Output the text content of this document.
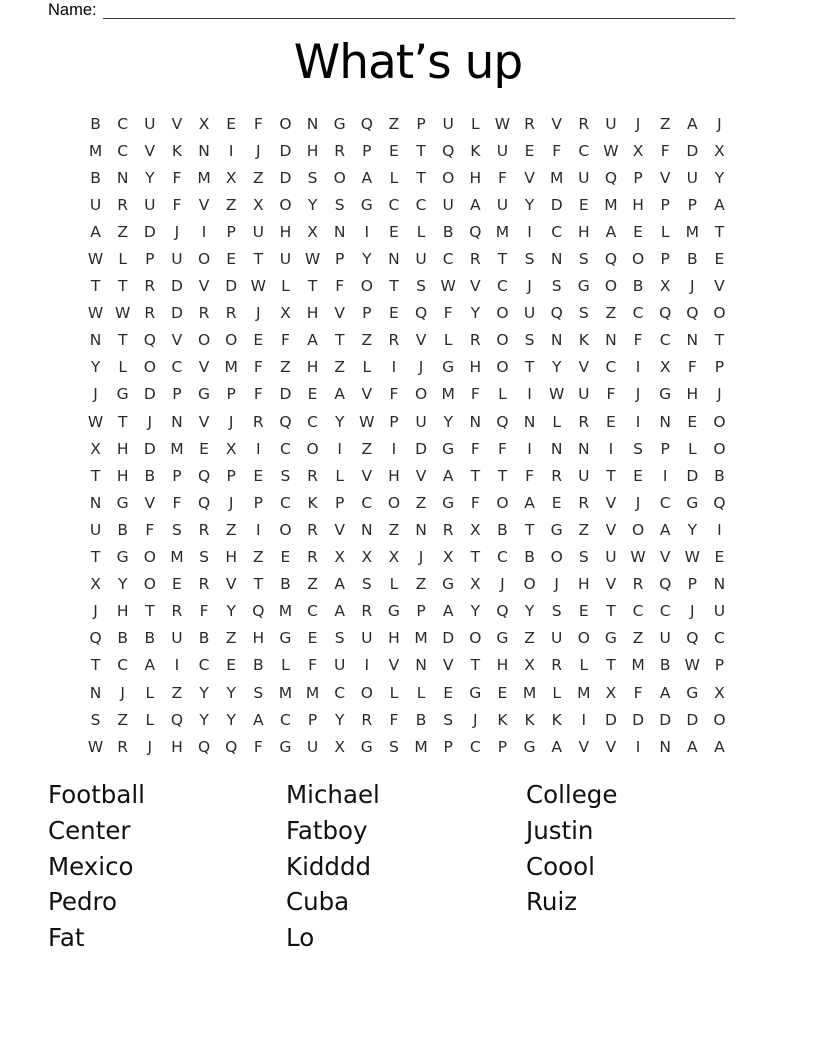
Name:
What’s up
B	C	U	V	X	E	F	O N G Q	Z	P	U	L W R	V	R	U	J	Z	A	J
M C	V	K	N	I	J	D H	R	P	E	T	Q	K	U	E	F	C W X	F	D	X
B	N	Y	F	M X	Z	D	S	O	A	L	T	O H	F	V M U Q	P	V	U	Y
U	R	U	F	V	Z	X	O	Y	S	G	C	C	U	A	U	Y	D	E	M H	P	P	A
A	Z	D	J	I	P	U	H	X	N	I	E	L	B	Q M	I	C	H	A	E	L	M	T
W L	P	U O	E	T	U W P	Y	N	U	C	R	T	S	N	S	Q O	P	B	E
T	T	R	D	V	D W L	T	F	O	T	S W V	C	J	S	G O	B	X	J	V
W W R	D	R	R	J	X	H	V	P	E	Q	F	Y	O U Q	S	Z	C	Q Q O
N	T	Q	V	O O	E	F	A	T	Z	R	V	L	R	O	S	N	K	N	F	C	N	T
Y	L	O	C	V M	F	Z	H	Z	L	I	J	G H O	T	Y	V	C	I	X	F	P
J	G D	P	G	P	F	D	E	A	V	F	O M	F	L	I	W U	F	J	G H	J
W T	J	N	V	J	R	Q	C	Y W P	U	Y	N Q N	L	R	E	I	N	E	O
X	H D M	E	X	I	C	O	I	Z	I	D G	F	F	I	N	N	I	S	P	L	O
T	H	B	P	Q	P	E	S	R	L	V	H	V	A	T	T	F	R	U	T	E	I	D	B
N G	V	F	Q	J	P	C	K	P	C	O	Z	G	F	O	A	E	R	V	J	C	G Q
U	B	F	S	R	Z	I	O	R	V	N	Z	N	R	X	B	T	G	Z	V	O	A	Y	I
T	G O M	S	H	Z	E	R	X	X	X	J	X	T	C	B	O	S	U W V W E
X	Y	O	E	R	V	T	B	Z	A	S	L	Z	G	X	J	O	J	H	V	R	Q	P	N
J	H	T	R	F	Y	Q M C	A	R	G	P	A	Y	Q	Y	S	E	T	C	C	J	U
Q	B	B	U	B	Z	H G	E	S	U	H M D O G	Z	U O G	Z	U Q	C
T	C	A	I	C	E	B	L	F	U	I	V	N	V	T	H	X	R	L	T	M B W P
N	J	L	Z	Y	Y	S	M M C	O	L	L	E	G	E	M	L	M X	F	A	G	X
S	Z	L	Q	Y	Y	A	C	P	Y	R	F	B	S	J	K	K	K	I	D D D D O
W R	J	H Q Q	F	G U	X	G	S	M	P	C	P	G	A	V	V	I	N	A	A
Football
Center
Mexico
Pedro
Fat
Michael
Fatboy
Kidddd
Cuba
Lo
College
Justin
Coool
Ruiz
